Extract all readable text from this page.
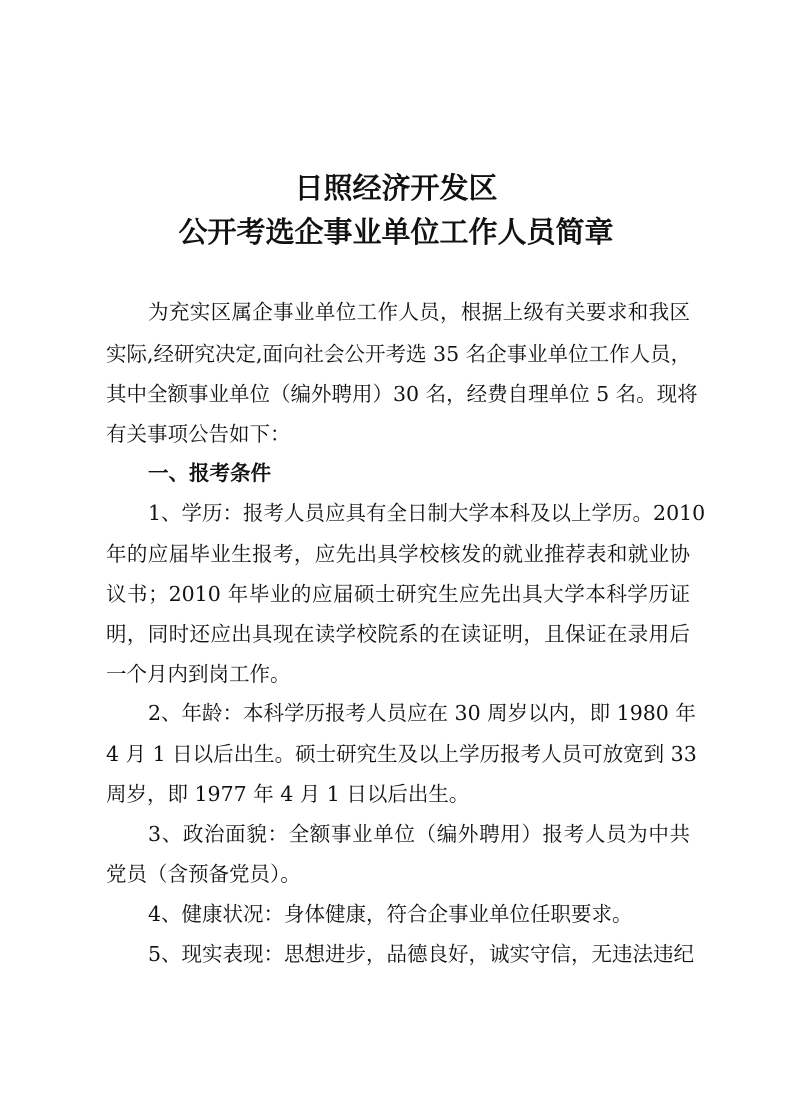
日照经济开发区
公开考选企事业单位工作人员简章
为充实区属企事业单位工作人员，根据上级有关要求和我区
实际,经研究决定,面向社会公开考选 35 名企事业单位工作人员，
其中全额事业单位（编外聘用）30 名，经费自理单位 5 名。现将
有关事项公告如下：
一、报考条件
1、学历：报考人员应具有全日制大学本科及以上学历。2010
年的应届毕业生报考，应先出具学校核发的就业推荐表和就业协
议书；2010 年毕业的应届硕士研究生应先出具大学本科学历证
明，同时还应出具现在读学校院系的在读证明，且保证在录用后
一个月内到岗工作。
2、年龄：本科学历报考人员应在 30 周岁以内，即 1980 年
4 月 1 日以后出生。硕士研究生及以上学历报考人员可放宽到 33
周岁，即 1977 年 4 月 1 日以后出生。
3、政治面貌：全额事业单位（编外聘用）报考人员为中共
党员（含预备党员）。
4、健康状况：身体健康，符合企事业单位任职要求。
5、现实表现：思想进步，品德良好，诚实守信，无违法违纪
